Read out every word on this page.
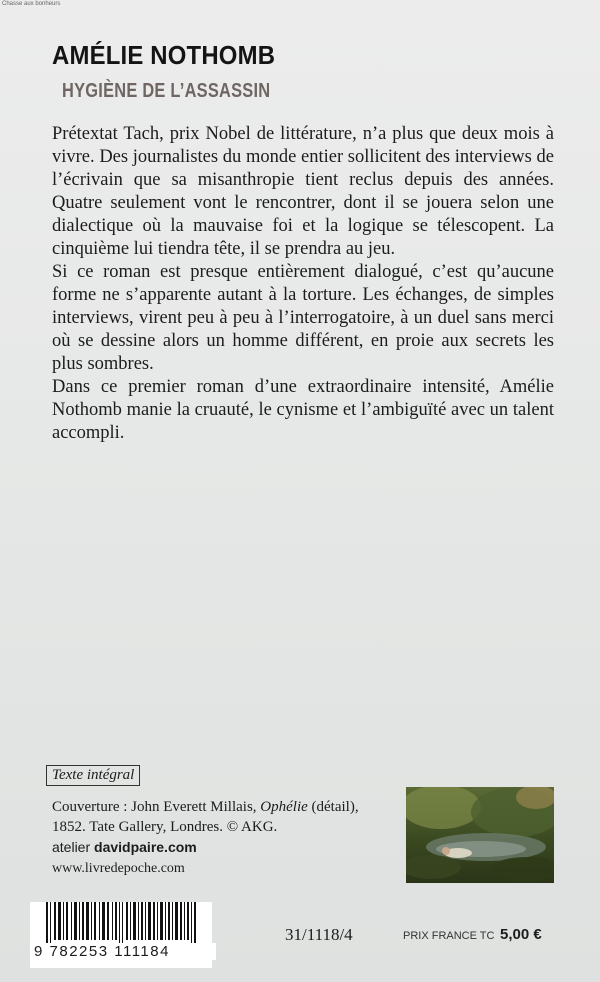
Chasse aux bonheurs
AMÉLIE NOTHOMB
HYGIÈNE DE L’ASSASSIN

Prétextat Tach, prix Nobel de littérature, n’a plus que deux mois à vivre. Des journalistes du monde entier sollicitent des interviews de l’écrivain que sa misanthropie tient reclus depuis des années. Quatre seulement vont le rencontrer, dont il se jouera selon une dialectique où la mauvaise foi et la logique se télescopent. La cinquième lui tiendra tête, il se prendra au jeu.

Si ce roman est presque entièrement dialogué, c’est qu’aucune forme ne s’apparente autant à la torture. Les échanges, de simples interviews, virent peu à peu à l’interrogatoire, à un duel sans merci où se dessine alors un homme différent, en proie aux secrets les plus sombres.

Dans ce premier roman d’une extraordinaire intensité, Amélie Nothomb manie la cruauté, le cynisme et l’ambiguïté avec un talent accompli.

Texte intégral
Couverture : John Everett Millais, Ophélie (détail),
1852. Tate Gallery, Londres. © AKG.
atelier davidpaire.com
www.livredepoche.com
9 782253 111184
31/1118/4	PRIX FRANCE TC 5,00 €
